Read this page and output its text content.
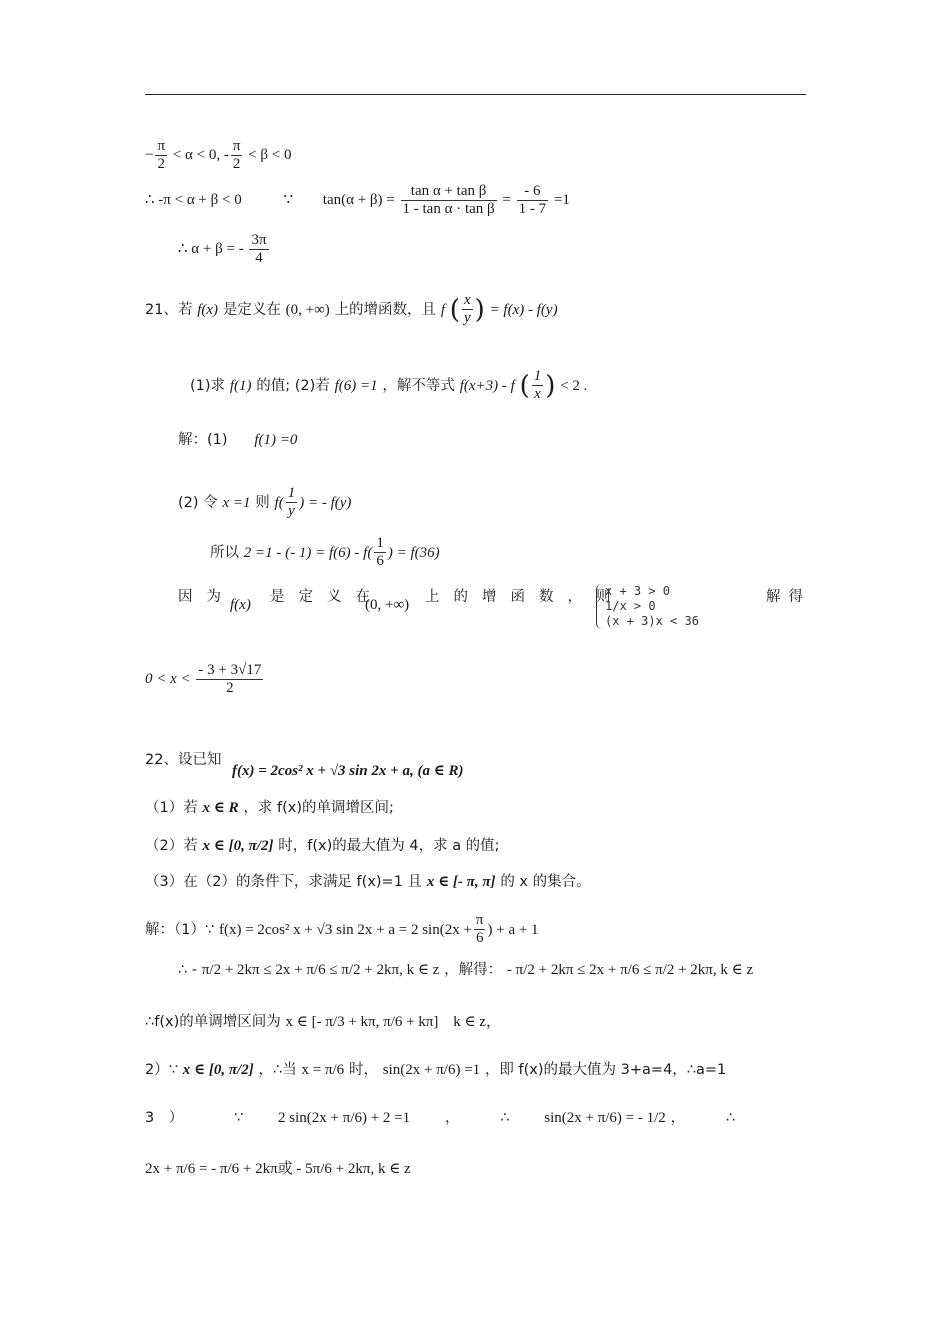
− $\frac{\pi}{2} < \alpha < 0$, - $\frac{\pi}{2} < \beta < 0$
∴ -π < α + β < 0	∵ $\tan(\alpha + \beta) = \frac{\text{tan α + tan β}}{\text{1 - tan α · tan β}} = \frac{- 6}{1 - 7} =1$
∴ α + β = - $\frac{3\pi}{4}$
21、若 f(x) 是定义在 (0, +∞) 上的增函数，且 f ( $\frac{x}{y}$ ) = f(x) - f(y)
(1)求 f(1) 的值; (2)若 f(6) =1 ，解不等式 f(x+3) - f ( $\frac{1}{x}$ ) < 2 .
解：(1) f(1) =0
(2) 令 x =1 则 $f( \frac{1}{y}$ ) = - f(y)
所以 2 =1 - (- $1) = f(6) - f( \frac{1}{6}$ ) = f(36)
因为
f(x) 是定义在
(0, +∞) 上的增函数，则
x + 3 > 0
1/x > 0
(x + 3)x < 36
解得
$0 < x < \frac{- 3 + 3√17}{2}$
22、设已知
f(x) = 2cos² x + √3 sin 2x + a, (a ∈ R)
（1）若 x ∈ R ，求 f(x)的单调增区间;
（2）若 x ∈ [0, π/2] 时，f(x)的最大值为 4，求 a 的值;
（3）在（2）的条件下，求满足 f(x)=1 且 x ∈ [- π, π] 的 x 的集合。
解：（1）∵ f(x) = 2cos² x + √3 sin 2x + a = 2 $\sin(2x + \frac{\pi}{6}$ ) + a + 1
∴ - π/2 + 2kπ ≤ 2x + π/6 ≤ π/2 + 2kπ, k ∈ z ，解得： - π/2 + 2kπ ≤ 2x + π/6 ≤ π/2 + 2kπ, k ∈ z
∴f(x)的单调增区间为 x ∈ [- π/3 + kπ, π/6 + kπ] k ∈ z，
2）∵ x ∈ [0, π/2] ，∴当 x = π/6 时， sin(2x + π/6) =1 ，即 f(x)的最大值为 3+a=4，∴a=1
3　）	∵ 2 sin(2x + π/6) + 2 =1 ，	∴ sin(2x + π/6) = - 1/2 ，	∴
2x + π/6 = - π/6 + 2kπ或 - 5π/6 + 2kπ, k ∈ z
